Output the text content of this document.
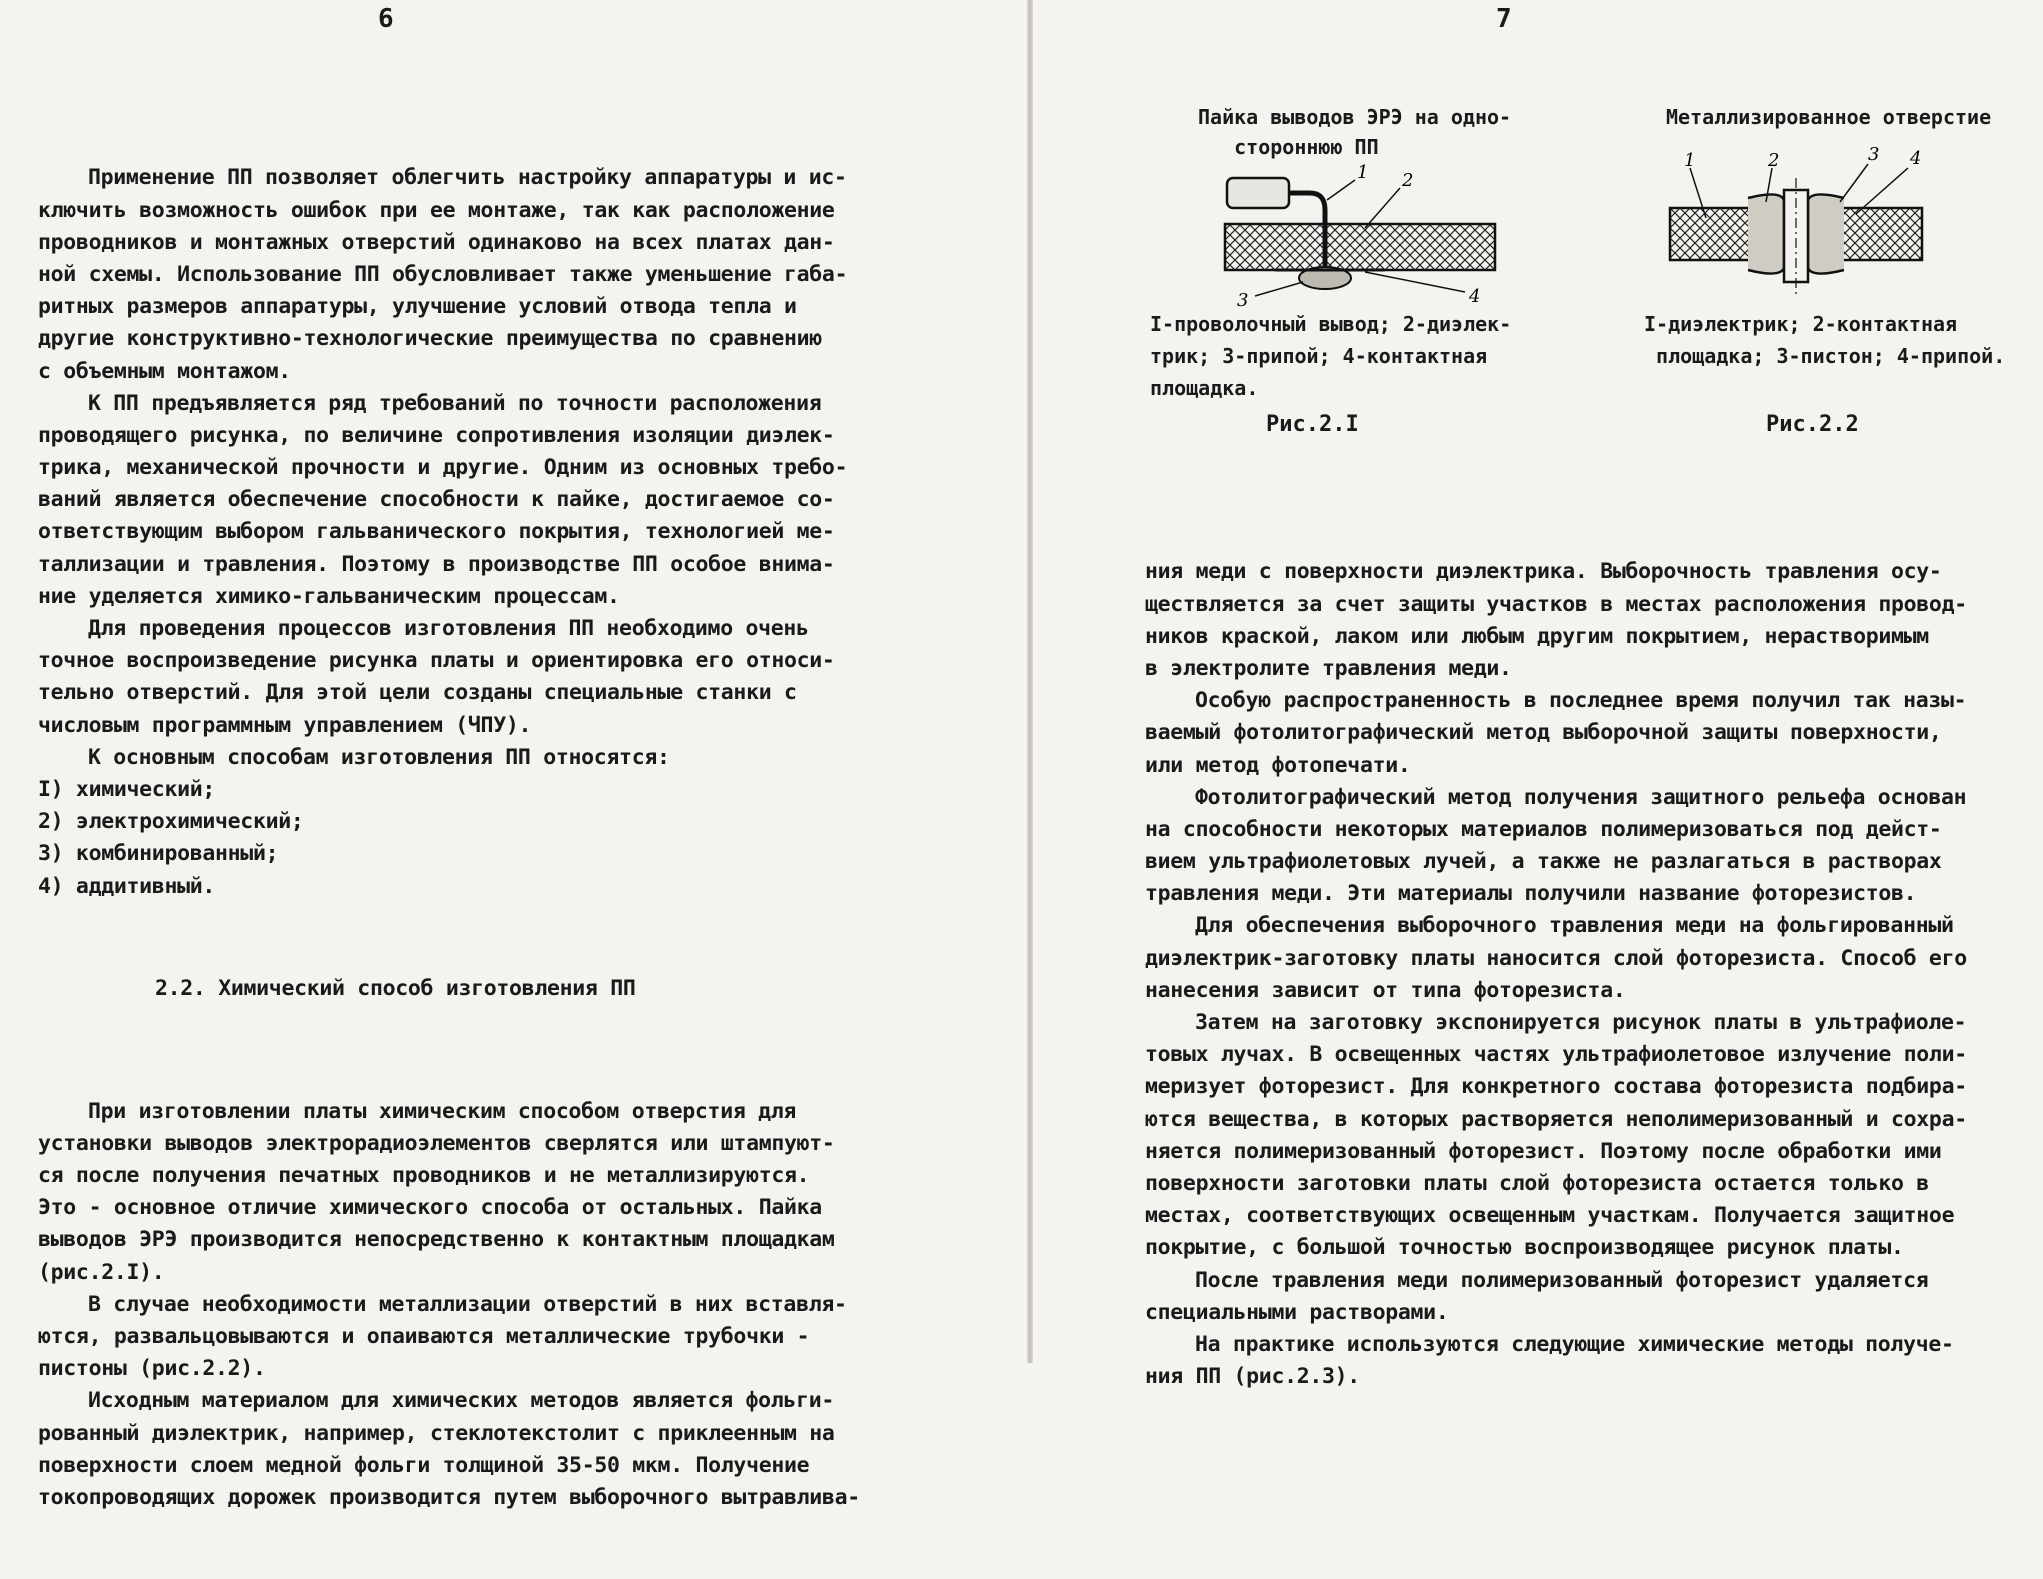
6

Применение ПП позволяет облегчить настройку аппаратуры и ис-
ключить возможность ошибок при ее монтаже, так как расположение
проводников и монтажных отверстий одинаково на всех платах дан-
ной схемы. Использование ПП обусловливает также уменьшение габа-
ритных размеров аппаратуры, улучшение условий отвода тепла и
другие конструктивно-технологические преимущества по сравнению
с объемным монтажом.
К ПП предъявляется ряд требований по точности расположения
проводящего рисунка, по величине сопротивления изоляции диэлек-
трика, механической прочности и другие. Одним из основных требо-
ваний является обеспечение способности к пайке, достигаемое со-
ответствующим выбором гальванического покрытия, технологией ме-
таллизации и травления. Поэтому в производстве ПП особое внима-
ние уделяется химико-гальваническим процессам.
Для проведения процессов изготовления ПП необходимо очень
точное воспроизведение рисунка платы и ориентировка его относи-
тельно отверстий. Для этой цели созданы специальные станки с
числовым программным управлением (ЧПУ).
К основным способам изготовления ПП относятся:
I) химический;
2) электрохимический;
3) комбинированный;
4) аддитивный.

2.2. Химический способ изготовления ПП

При изготовлении платы химическим способом отверстия для
установки выводов электрорадиоэлементов сверлятся или штампуют-
ся после получения печатных проводников и не металлизируются.
Это - основное отличие химического способа от остальных. Пайка
выводов ЭРЭ производится непосредственно к контактным площадкам
(рис.2.I).
В случае необходимости металлизации отверстий в них вставля-
ются, развальцовываются и опаиваются металлические трубочки -
пистоны (рис.2.2).
Исходным материалом для химических методов является фольги-
рованный диэлектрик, например, стеклотекстолит с приклеенным на
поверхности слоем медной фольги толщиной 35-50 мкм. Получение
токопроводящих дорожек производится путем выборочного вытравлива-

7
Пайка выводов ЭРЭ на одно-
стороннюю ПП
1 2
3	4
I-проволочный вывод; 2-диэлек-
трик; 3-припой; 4-контактная
площадка.
Рис.2.I
Металлизированное отверстие
1	2	3 4
I-диэлектрик; 2-контактная
площадка; 3-пистон; 4-припой.
Рис.2.2

ния меди с поверхности диэлектрика. Выборочность травления осу-
ществляется за счет защиты участков в местах расположения провод-
ников краской, лаком или любым другим покрытием, нерастворимым
в электролите травления меди.
Особую распространенность в последнее время получил так назы-
ваемый фотолитографический метод выборочной защиты поверхности,
или метод фотопечати.
Фотолитографический метод получения защитного рельефа основан
на способности некоторых материалов полимеризоваться под дейст-
вием ультрафиолетовых лучей, а также не разлагаться в растворах
травления меди. Эти материалы получили название фоторезистов.
Для обеспечения выборочного травления меди на фольгированный
диэлектрик-заготовку платы наносится слой фоторезиста. Способ его
нанесения зависит от типа фоторезиста.
Затем на заготовку экспонируется рисунок платы в ультрафиоле-
товых лучах. В освещенных частях ультрафиолетовое излучение поли-
меризует фоторезист. Для конкретного состава фоторезиста подбира-
ются вещества, в которых растворяется неполимеризованный и сохра-
няется полимеризованный фоторезист. Поэтому после обработки ими
поверхности заготовки платы слой фоторезиста остается только в
местах, соответствующих освещенным участкам. Получается защитное
покрытие, с большой точностью воспроизводящее рисунок платы.
После травления меди полимеризованный фоторезист удаляется
специальными растворами.
На практике используются следующие химические методы получе-
ния ПП (рис.2.3).
